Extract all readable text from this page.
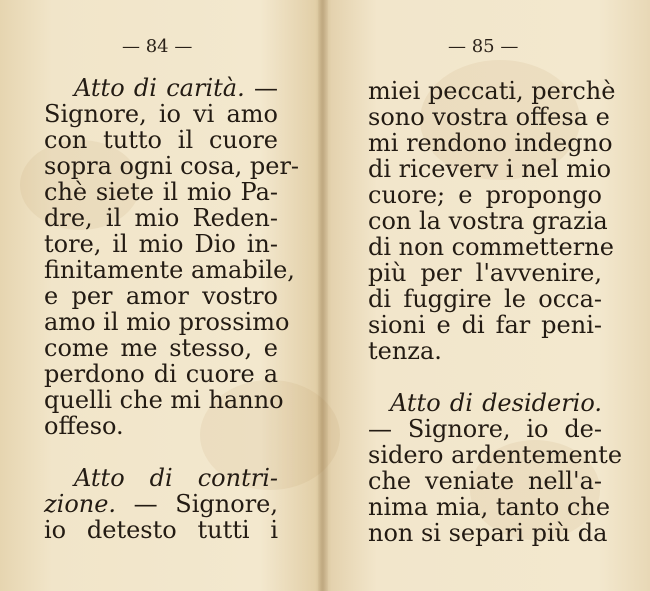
— 84 —
Atto di carità. —
Signore, io vi amo
con tutto il cuore
sopra ogni cosa, per-
chè siete il mio Pa-
dre, il mio Reden-
tore, il mio Dio in-
finitamente amabile,
e per amor vostro
amo il mio prossimo
come me stesso, e
perdono di cuore a
quelli che mi hanno
offeso.
Atto di contri-
zione. — Signore,
io detesto tutti i
— 85 —
miei peccati, perchè
sono vostra offesa e
mi rendono indegno
di riceverv i nel mio
cuore; e propongo
con la vostra grazia
di non commetterne
più per l'avvenire,
di fuggire le occa-
sioni e di far peni-
tenza.
Atto di desiderio.
— Signore, io de-
sidero ardentemente
che veniate nell'a-
nima mia, tanto che
non si separi più da
